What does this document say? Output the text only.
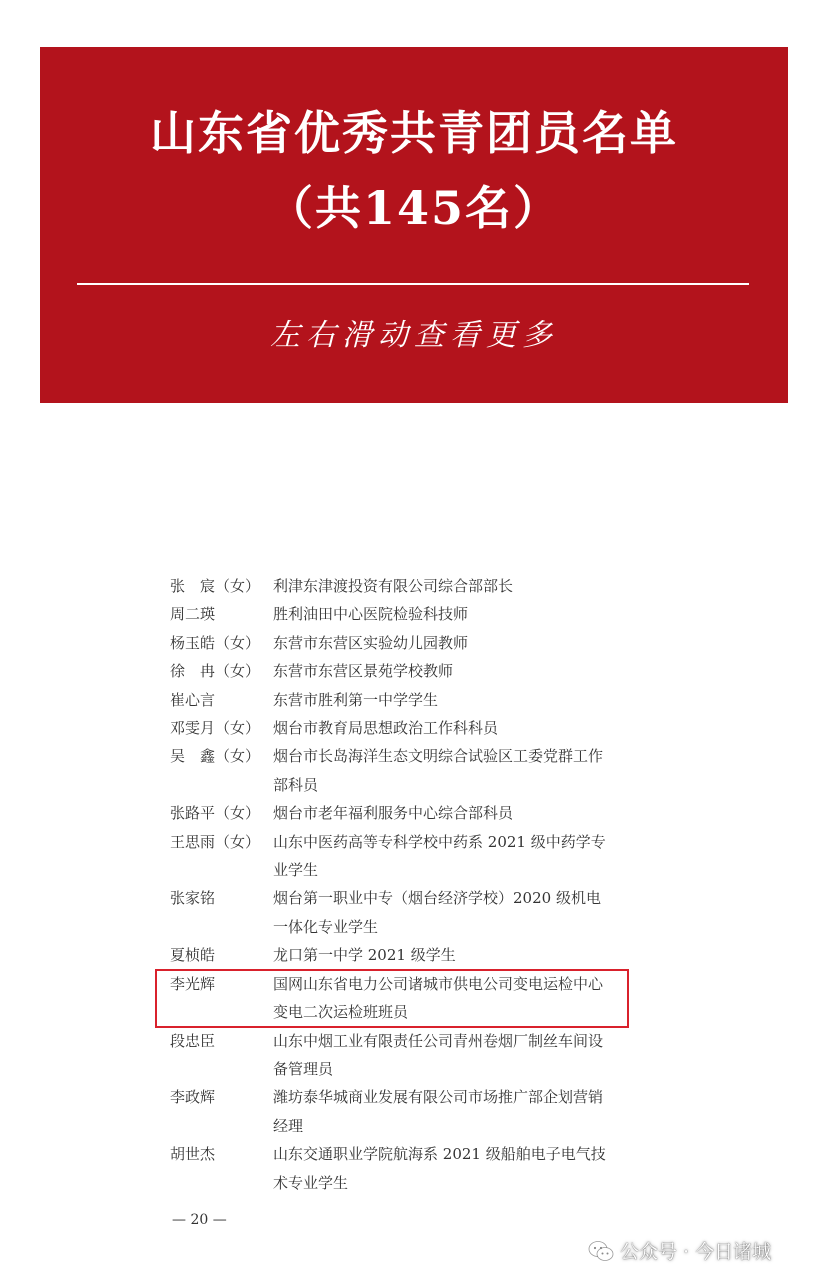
山东省优秀共青团员名单
（共145名）
左右滑动查看更多
张　宸（女） 利津东津渡投资有限公司综合部部长
周二瑛	胜利油田中心医院检验科技师
杨玉皓（女） 东营市东营区实验幼儿园教师
徐　冉（女） 东营市东营区景苑学校教师
崔心言	东营市胜利第一中学学生
邓雯月（女） 烟台市教育局思想政治工作科科员
吴　鑫（女） 烟台市长岛海洋生态文明综合试验区工委党群工作部科员
张路平（女） 烟台市老年福利服务中心综合部科员
王思雨（女） 山东中医药高等专科学校中药系 2021 级中药学专业学生
张家铭	烟台第一职业中专（烟台经济学校）2020 级机电一体化专业学生
夏桢皓	龙口第一中学 2021 级学生
李光辉	国网山东省电力公司诸城市供电公司变电运检中心变电二次运检班班员
段忠臣	山东中烟工业有限责任公司青州卷烟厂制丝车间设备管理员
李政辉	潍坊泰华城商业发展有限公司市场推广部企划营销经理
胡世杰	山东交通职业学院航海系 2021 级船舶电子电气技术专业学生
— 20 —
公众号 · 今日诸城
